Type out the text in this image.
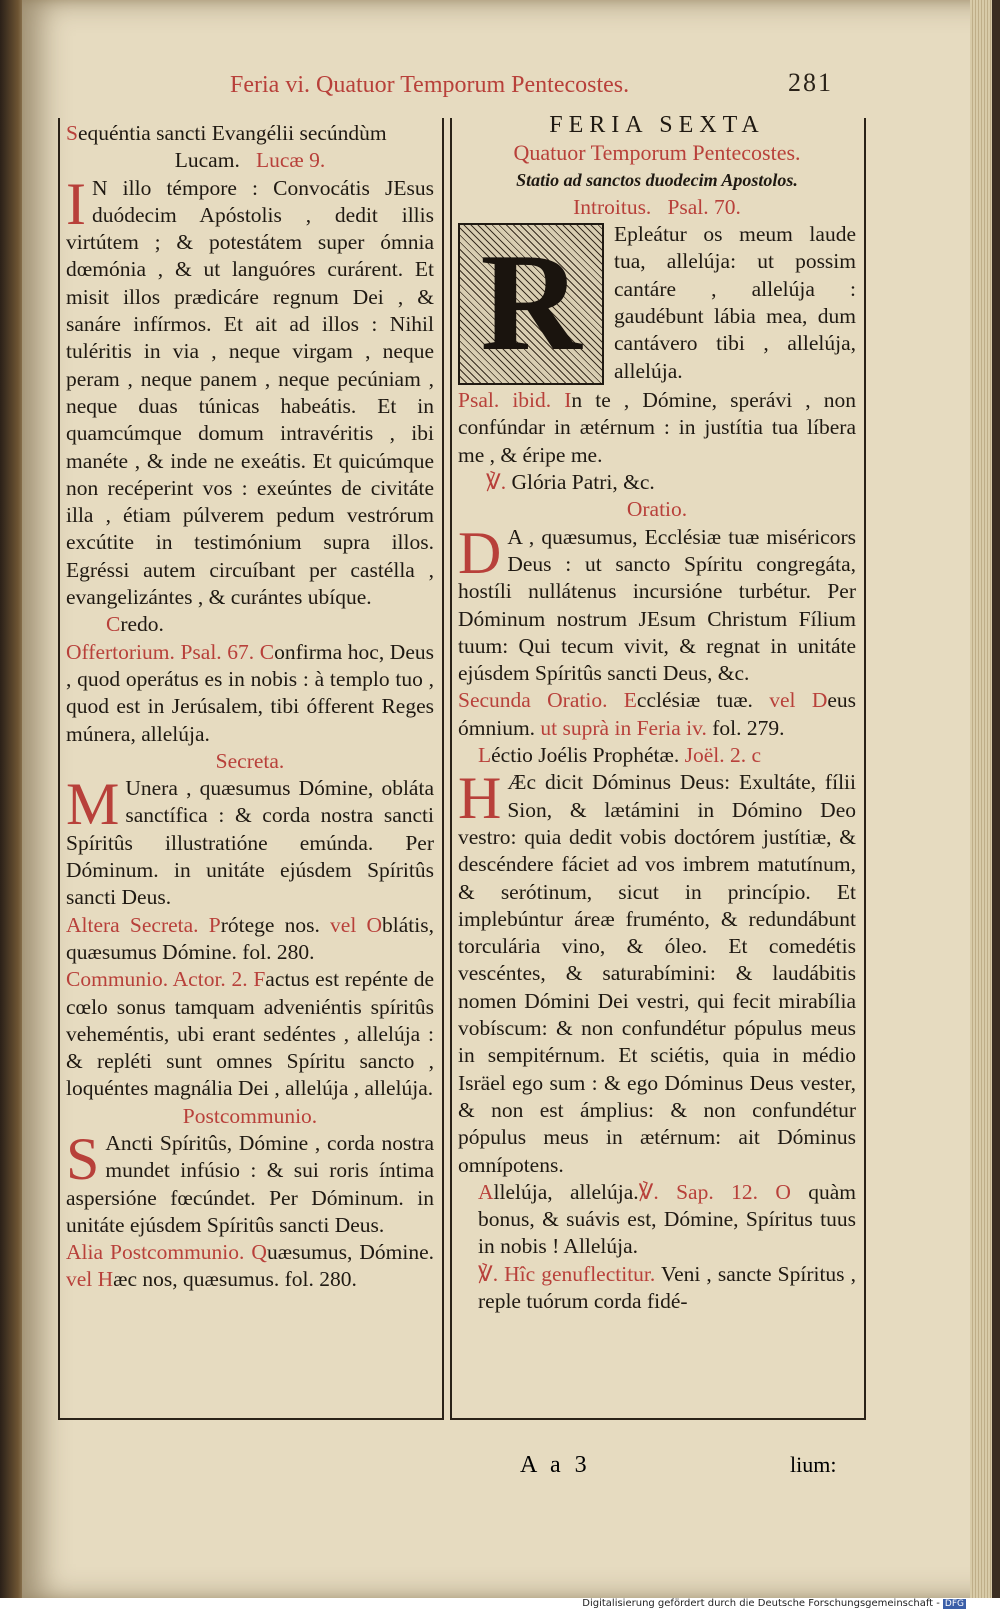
Feria vi. Quatuor Temporum Pentecostes.	281

Sequéntia sancti Evangélii secúndùm

Lucam. Lucæ 9.

I N illo témpore : Convocátis JEsus duódecim Apóstolis , dedit illis virtútem ; & potestátem super ómnia dœmónia , & ut languóres curárent. Et misit illos prædicáre regnum Dei , & sanáre infírmos. Et ait ad illos : Nihil tuléritis in via , neque virgam , neque peram , neque panem , neque pecúniam , neque duas túnicas habeátis. Et in quamcúmque domum intravéritis , ibi manéte , & inde ne exeátis. Et quicúmque non recéperint vos : exeúntes de civitáte illa , étiam púlverem pedum vestrórum excútite in testimónium supra illos. Egréssi autem circuíbant per castélla , evangelizántes , & curántes ubíque.

Credo.

Offertorium. Psal. 67. Confirma hoc, Deus , quod operátus es in nobis : à templo tuo , quod est in Jerúsalem, tibi ófferent Reges múnera, allelúja.

Secreta.

M Unera , quæsumus Dómine, obláta sanctífica : & corda nostra sancti Spíritûs illustratióne emúnda. Per Dóminum. in unitáte ejúsdem Spíritûs sancti Deus.

Altera Secreta. Prótege nos. vel Oblátis, quæsumus Dómine. fol. 280.

Communio. Actor. 2. Factus est repénte de cœlo sonus tamquam adveniéntis spíritûs veheméntis, ubi erant sedéntes , allelúja : & repléti sunt omnes Spíritu sancto , loquéntes magnália Dei , allelúja , allelúja.

Postcommunio.

S Ancti Spíritûs, Dómine , corda nostra mundet infúsio : & sui roris íntima aspersióne fœcúndet. Per Dóminum. in unitáte ejúsdem Spíritûs sancti Deus.

Alia Postcommunio. Quæsumus, Dómine. vel Hæc nos, quæsumus. fol. 280.

FERIA SEXTA

Quatuor Temporum Pentecostes.

Statio ad sanctos duodecim Apostolos.

Introitus. Psal. 70.

R	Epleátur os meum laude tua, allelúja: ut possim cantáre , allelúja : gaudébunt lábia mea, dum cantávero tibi , allelúja, allelúja.

Psal. ibid. In te , Dómine, sperávi , non confúndar in ætérnum : in justítia tua líbera me , & éripe me.

℣. Glória Patri, &c.

Oratio.

D A , quæsumus, Ecclésiæ tuæ miséricors Deus : ut sancto Spíritu congregáta, hostíli nullátenus incursióne turbétur. Per Dóminum nostrum JEsum Christum Fílium tuum: Qui tecum vivit, & regnat in unitáte ejúsdem Spíritûs sancti Deus, &c.

Secunda Oratio. Ecclésiæ tuæ. vel Deus ómnium. ut suprà in Feria iv. fol. 279.

Léctio Joélis Prophétæ. Joël. 2. c

H Æc dicit Dóminus Deus: Exultáte, fílii Sion, & lætámini in Dómino Deo vestro: quia dedit vobis doctórem justítiæ, & descéndere fáciet ad vos imbrem matutínum, & serótinum, sicut in princípio. Et implebúntur áreæ fruménto, & redundábunt torculária vino, & óleo. Et comedétis vescéntes, & saturabímini: & laudábitis nomen Dómini Dei vestri, qui fecit mirabília vobíscum: & non confundétur pópulus meus in sempitérnum. Et sciétis, quia in médio Isräel ego sum : & ego Dóminus Deus vester, & non est ámplius: & non confundétur pópulus meus in ætérnum: ait Dóminus omnípotens.

Allelúja, allelúja.℣. Sap. 12. O quàm bonus, & suávis est, Dómine, Spíritus tuus in nobis ! Allelúja.

℣. Hîc genuflectitur. Veni , sancte Spíritus , reple tuórum corda fidé-

A a 3	lium:
Digitalisierung gefördert durch die Deutsche Forschungsgemeinschaft - DFG
